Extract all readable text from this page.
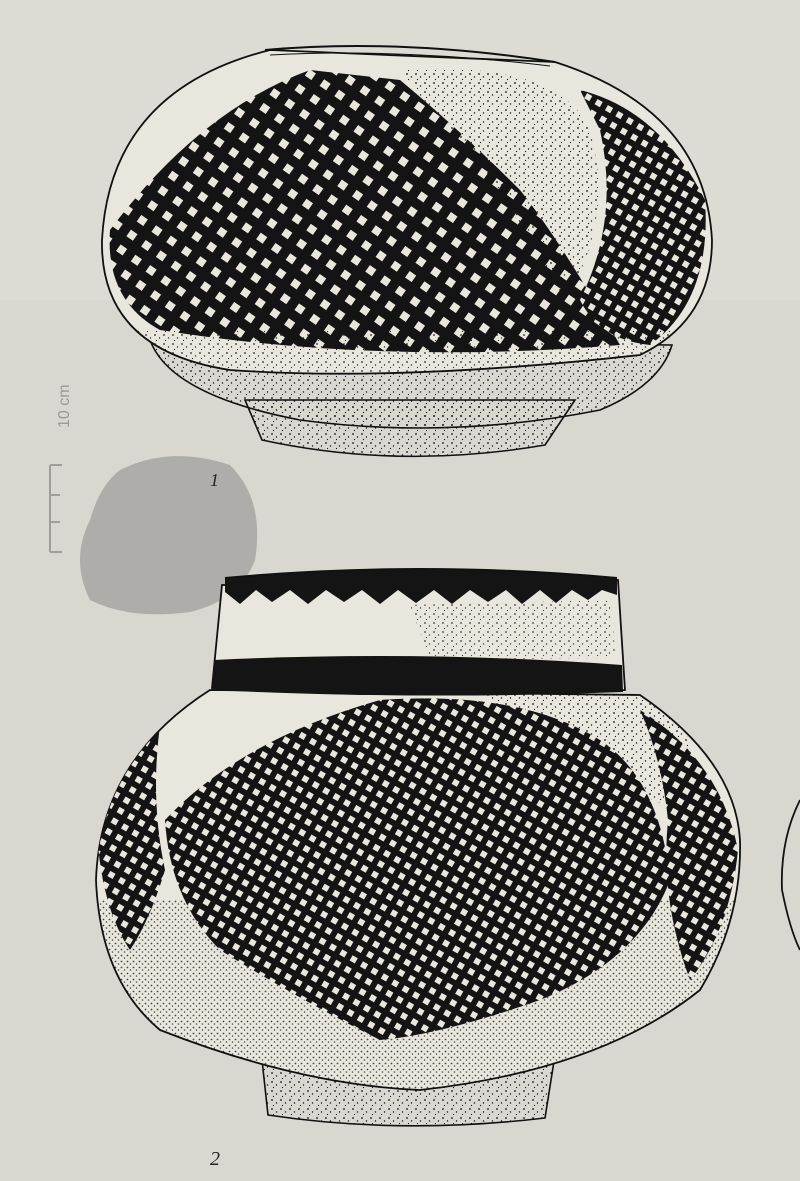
1
2
10 cm
